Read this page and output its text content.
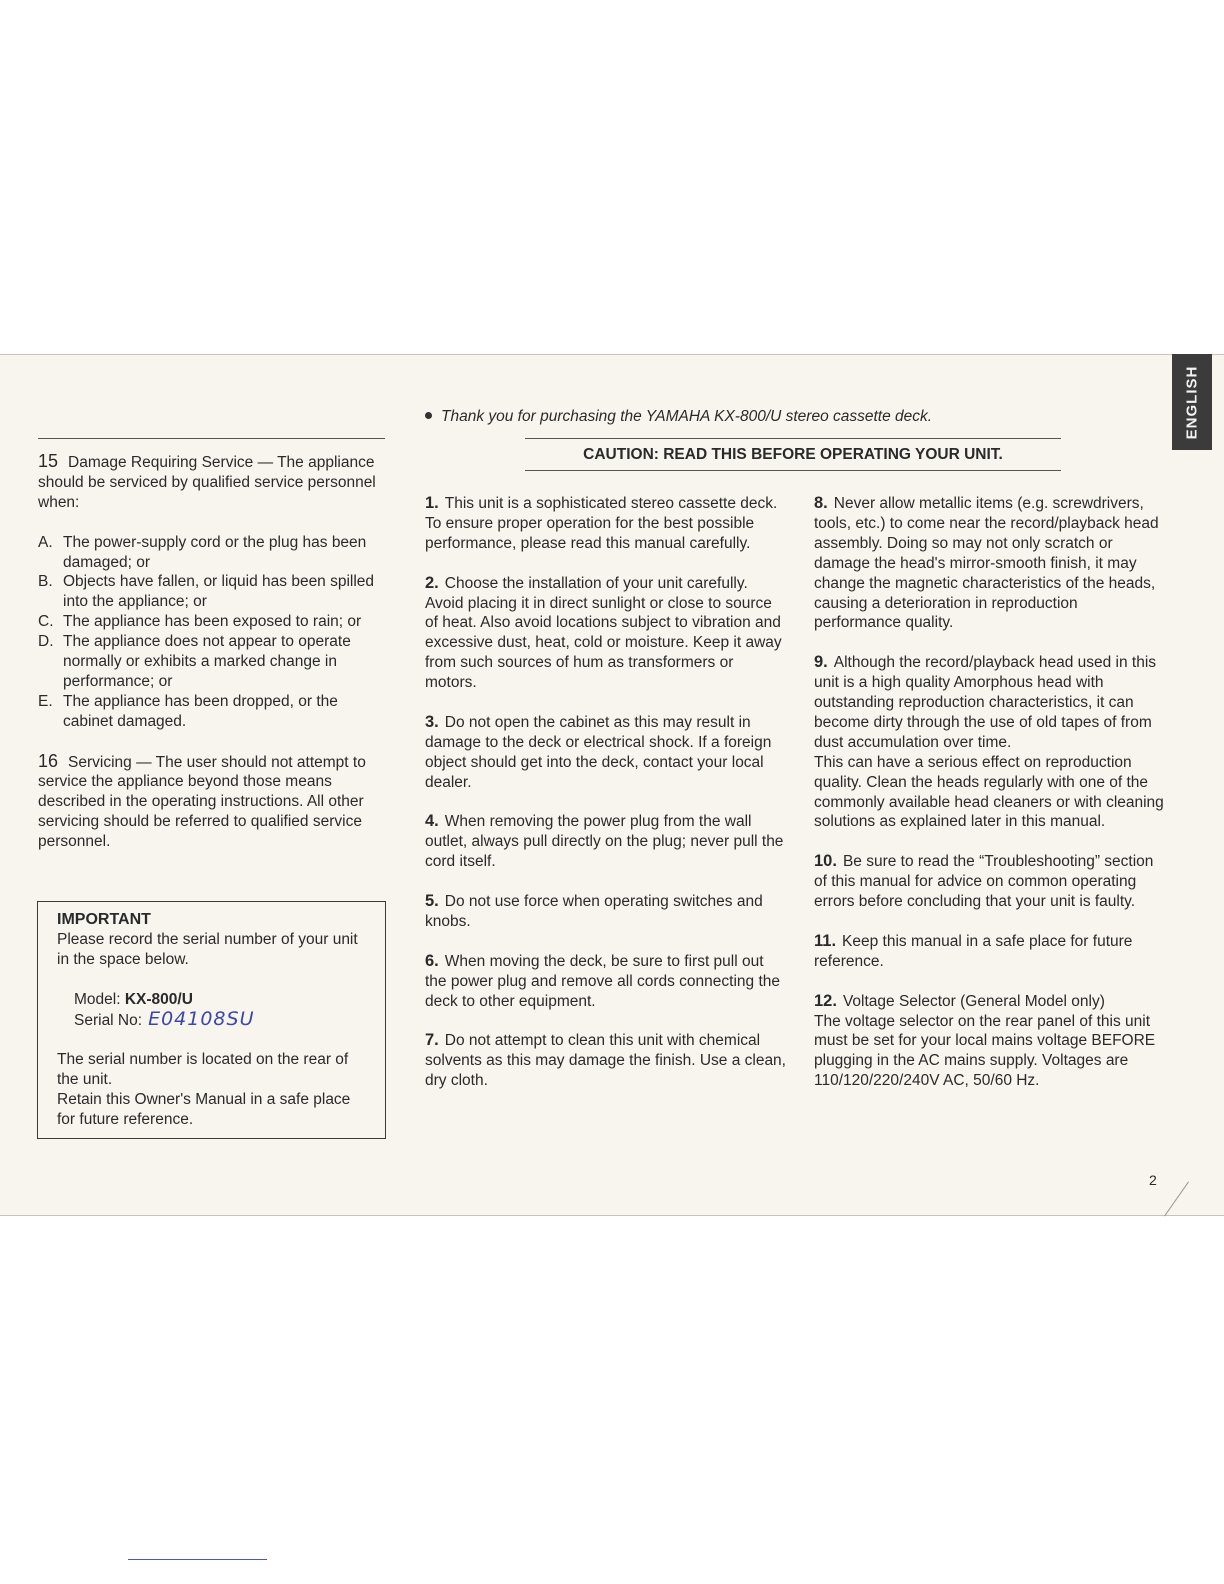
ENGLISH
Thank you for purchasing the YAMAHA KX-800/U stereo cassette deck.
CAUTION: READ THIS BEFORE OPERATING YOUR UNIT.

15 Damage Requiring Service — The appliance should be serviced by qualified service personnel when:

A. The power-supply cord or the plug has been damaged; or
B. Objects have fallen, or liquid has been spilled into the appliance; or
C. The appliance has been exposed to rain; or
D. The appliance does not appear to operate normally or exhibits a marked change in performance; or
E. The appliance has been dropped, or the cabinet damaged.

16 Servicing — The user should not attempt to service the appliance beyond those means described in the operating instructions. All other servicing should be referred to qualified service personnel.

IMPORTANT
Please record the serial number of your unit in the space below.
Model: KX-800/U
Serial No: E04108SU
The serial number is located on the rear of the unit.
Retain this Owner's Manual in a safe place for future reference.

1. This unit is a sophisticated stereo cassette deck. To ensure proper operation for the best possible performance, please read this manual carefully.

2. Choose the installation of your unit carefully. Avoid placing it in direct sunlight or close to source of heat. Also avoid locations subject to vibration and excessive dust, heat, cold or moisture. Keep it away from such sources of hum as transformers or motors.

3. Do not open the cabinet as this may result in damage to the deck or electrical shock. If a foreign object should get into the deck, contact your local dealer.

4. When removing the power plug from the wall outlet, always pull directly on the plug; never pull the cord itself.

5. Do not use force when operating switches and knobs.

6. When moving the deck, be sure to first pull out the power plug and remove all cords connecting the deck to other equipment.

7. Do not attempt to clean this unit with chemical solvents as this may damage the finish. Use a clean, dry cloth.

8. Never allow metallic items (e.g. screwdrivers, tools, etc.) to come near the record/playback head assembly. Doing so may not only scratch or damage the head's mirror-smooth finish, it may change the magnetic characteristics of the heads, causing a deterioration in reproduction performance quality.

9. Although the record/playback head used in this unit is a high quality Amorphous head with outstanding reproduction characteristics, it can become dirty through the use of old tapes of from dust accumulation over time.
This can have a serious effect on reproduction quality. Clean the heads regularly with one of the commonly available head cleaners or with cleaning solutions as explained later in this manual.

10. Be sure to read the “Troubleshooting” section of this manual for advice on common operating errors before concluding that your unit is faulty.

11. Keep this manual in a safe place for future reference.

12. Voltage Selector (General Model only)
The voltage selector on the rear panel of this unit must be set for your local mains voltage BEFORE plugging in the AC mains supply. Voltages are 110/120/220/240V AC, 50/60 Hz.

2
